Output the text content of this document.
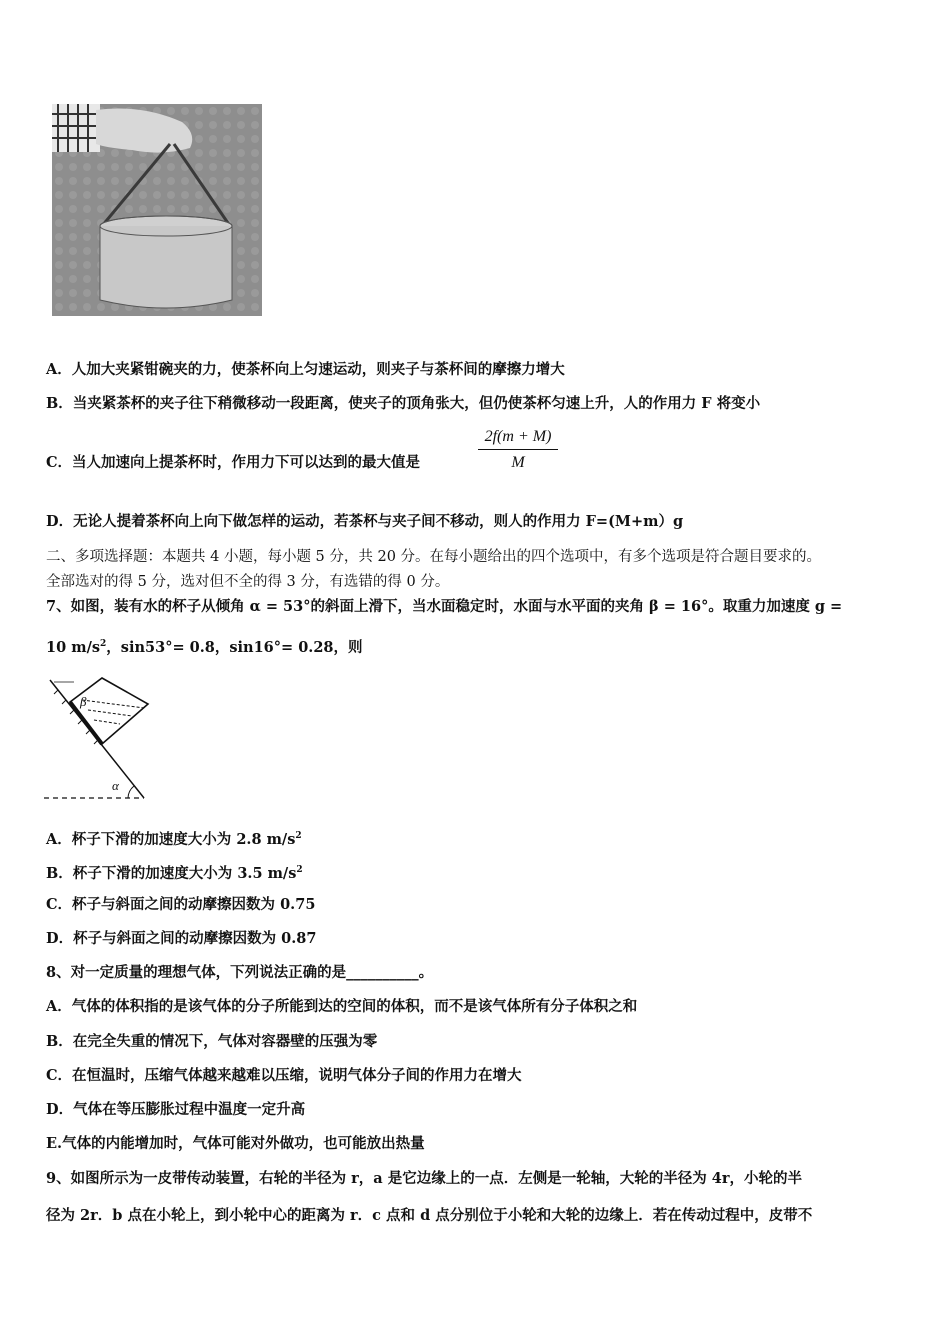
A．人加大夹紧钳碗夹的力，使茶杯向上匀速运动，则夹子与茶杯间的摩擦力增大
B．当夹紧茶杯的夹子往下稍微移动一段距离，使夹子的顶角张大，但仍使茶杯匀速上升，人的作用力 F 将变小
C．当人加速向上提茶杯时，作用力下可以达到的最大值是	$\frac{2f(m + M)}{M}$
D．无论人提着茶杯向上向下做怎样的运动，若茶杯与夹子间不移动，则人的作用力 F=(M+m）g
二、多项选择题：本题共 4 小题，每小题 5 分，共 20 分。在每小题给出的四个选项中，有多个选项是符合题目要求的。
全部选对的得 5 分，选对但不全的得 3 分，有选错的得 0 分。
7、如图，装有水的杯子从倾角 α = 53°的斜面上滑下，当水面稳定时，水面与水平面的夹角 β = 16°。取重力加速度 g =
10 $m/s^2$，sin53°= 0.8，sin16°= 0.28，则
β
α
A．杯子下滑的加速度大小为 2.8 $m/s^2$
B．杯子下滑的加速度大小为 3.5 $m/s^2$
C．杯子与斜面之间的动摩擦因数为 0.75
D．杯子与斜面之间的动摩擦因数为 0.87
8、对一定质量的理想气体，下列说法正确的是__________。
A．气体的体积指的是该气体的分子所能到达的空间的体积，而不是该气体所有分子体积之和
B．在完全失重的情况下，气体对容器壁的压强为零
C．在恒温时，压缩气体越来越难以压缩，说明气体分子间的作用力在增大
D．气体在等压膨胀过程中温度一定升高
E.气体的内能增加时，气体可能对外做功，也可能放出热量
9、如图所示为一皮带传动装置，右轮的半径为 r，a 是它边缘上的一点．左侧是一轮轴，大轮的半径为 4r，小轮的半
径为 2r．b 点在小轮上，到小轮中心的距离为 r．c 点和 d 点分别位于小轮和大轮的边缘上．若在传动过程中，皮带不
